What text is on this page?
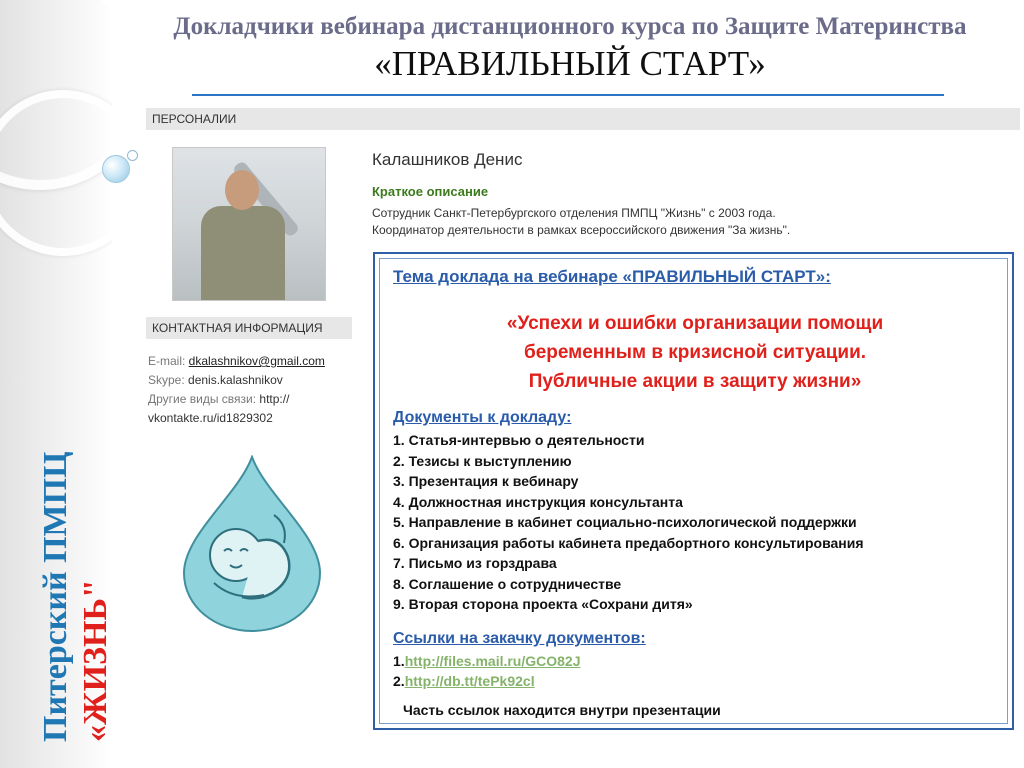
Питерский ПМПЦ «ЖИЗНЬ"
Докладчики вебинара дистанционного курса по Защите Материнства
«ПРАВИЛЬНЫЙ СТАРТ»
ПЕРСОНАЛИИ
Калашников Денис
Краткое описание
Сотрудник Санкт-Петербургского отделения ПМПЦ "Жизнь" с 2003 года.
Координатор деятельности в рамках всероссийского движения "За жизнь".
КОНТАКТНАЯ ИНФОРМАЦИЯ
E-mail: dkalashnikov@gmail.com
Skype: denis.kalashnikov
Другие виды связи: http://
vkontakte.ru/id1829302
Тема доклада на вебинаре «ПРАВИЛЬНЫЙ СТАРТ»:
«Успехи и ошибки организации помощи
беременным в кризисной ситуации.
Публичные акции в защиту жизни»
Документы к докладу:
1. Статья-интервью о деятельности
2. Тезисы к выступлению
3. Презентация к вебинару
4. Должностная инструкция консультанта
5. Направление в кабинет социально-психологической поддержки
6. Организация работы кабинета предабортного консультирования
7. Письмо из горздрава
8. Соглашение о сотрудничестве
9. Вторая сторона проекта «Сохрани дитя»
Ссылки на закачку документов:
1.http://files.mail.ru/GCO82J
2.http://db.tt/tePk92cl
Часть ссылок находится внутри презентации
